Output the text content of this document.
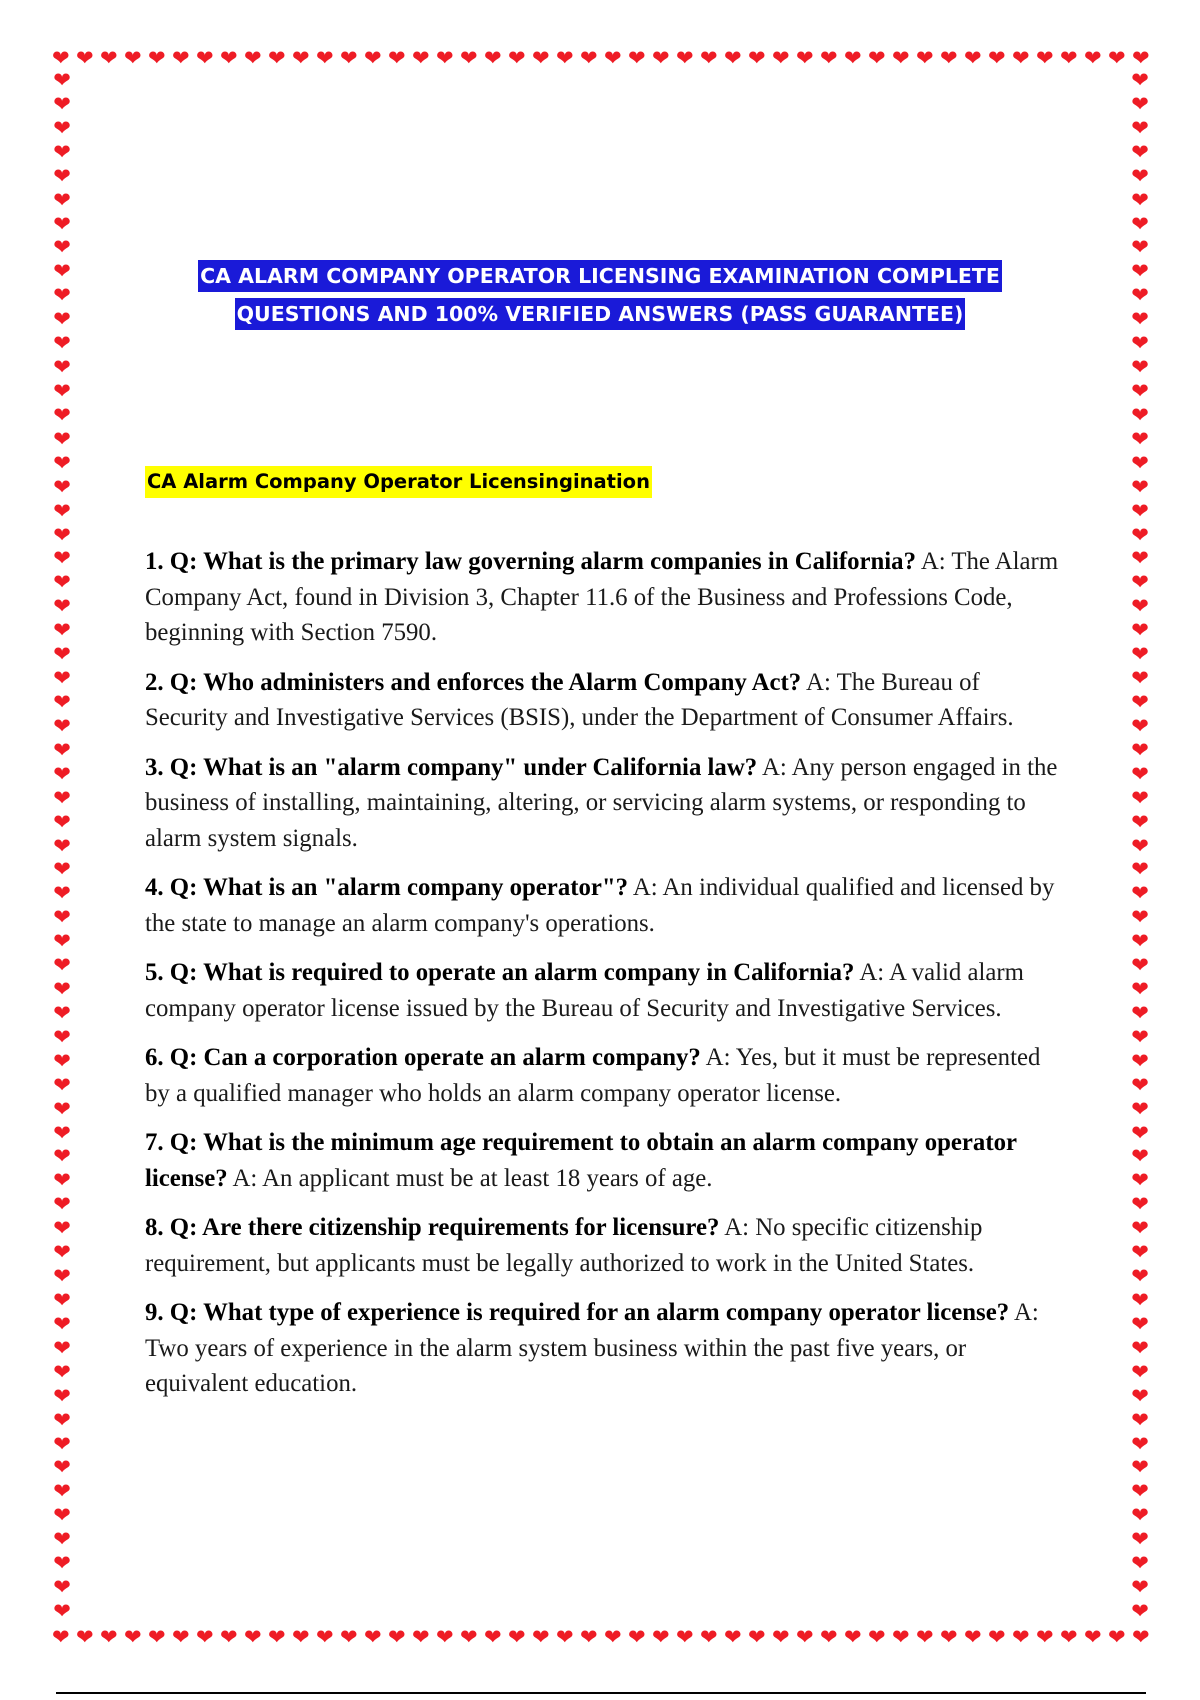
❤ ❤ ❤ ❤ ❤ ❤ ❤ ❤ ❤ ❤ ❤ ❤ ❤ ❤ ❤ ❤ ❤ ❤ ❤ ❤ ❤ ❤ ❤ ❤ ❤ ❤ ❤ ❤ ❤ ❤ ❤ ❤ ❤ ❤ ❤ ❤ ❤ ❤ ❤ ❤ ❤ ❤ ❤ ❤ ❤ ❤
❤
❤
❤
❤
❤
❤
❤
❤
❤
❤
❤
❤
❤
❤
❤
❤
❤
❤
❤
❤
❤
❤
❤
❤
❤
❤
❤
❤
❤
❤
❤
❤
❤
❤
❤
❤
❤
❤
❤
❤
❤
❤
❤
❤
❤
❤
❤
❤
❤
❤
❤
❤
❤
❤
❤
❤
❤
❤
❤
❤
❤
❤
❤
❤
❤
❤
❤
❤
❤
❤
❤
❤
❤
❤
❤
❤
❤
❤
❤
❤
❤
❤
❤
❤
❤
❤
❤
❤
❤
❤
❤
❤
❤
❤
❤
❤
❤
❤
❤
❤
❤
❤
❤
❤
❤
❤
❤
❤
❤
❤
❤
❤
❤
❤
❤
❤
❤
❤
❤
❤
❤
❤
❤
❤
❤
❤
❤
❤
❤
❤
❤ ❤ ❤ ❤ ❤ ❤ ❤ ❤ ❤ ❤ ❤ ❤ ❤ ❤ ❤ ❤ ❤ ❤ ❤ ❤ ❤ ❤ ❤ ❤ ❤ ❤ ❤ ❤ ❤ ❤ ❤ ❤ ❤ ❤ ❤ ❤ ❤ ❤ ❤ ❤ ❤ ❤ ❤ ❤ ❤ ❤
CA ALARM COMPANY OPERATOR LICENSING EXAMINATION COMPLETE
QUESTIONS AND 100% VERIFIED ANSWERS (PASS GUARANTEE)
CA Alarm Company Operator Licensingination

1. Q: What is the primary law governing alarm companies in California? A: The Alarm Company Act, found in Division 3, Chapter 11.6 of the Business and Professions Code, beginning with Section 7590.

2. Q: Who administers and enforces the Alarm Company Act? A: The Bureau of Security and Investigative Services (BSIS), under the Department of Consumer Affairs.

3. Q: What is an "alarm company" under California law? A: Any person engaged in the business of installing, maintaining, altering, or servicing alarm systems, or responding to alarm system signals.

4. Q: What is an "alarm company operator"? A: An individual qualified and licensed by the state to manage an alarm company's operations.

5. Q: What is required to operate an alarm company in California? A: A valid alarm company operator license issued by the Bureau of Security and Investigative Services.

6. Q: Can a corporation operate an alarm company? A: Yes, but it must be represented by a qualified manager who holds an alarm company operator license.

7. Q: What is the minimum age requirement to obtain an alarm company operator license? A: An applicant must be at least 18 years of age.

8. Q: Are there citizenship requirements for licensure? A: No specific citizenship requirement, but applicants must be legally authorized to work in the United States.

9. Q: What type of experience is required for an alarm company operator license? A: Two years of experience in the alarm system business within the past five years, or equivalent education.
